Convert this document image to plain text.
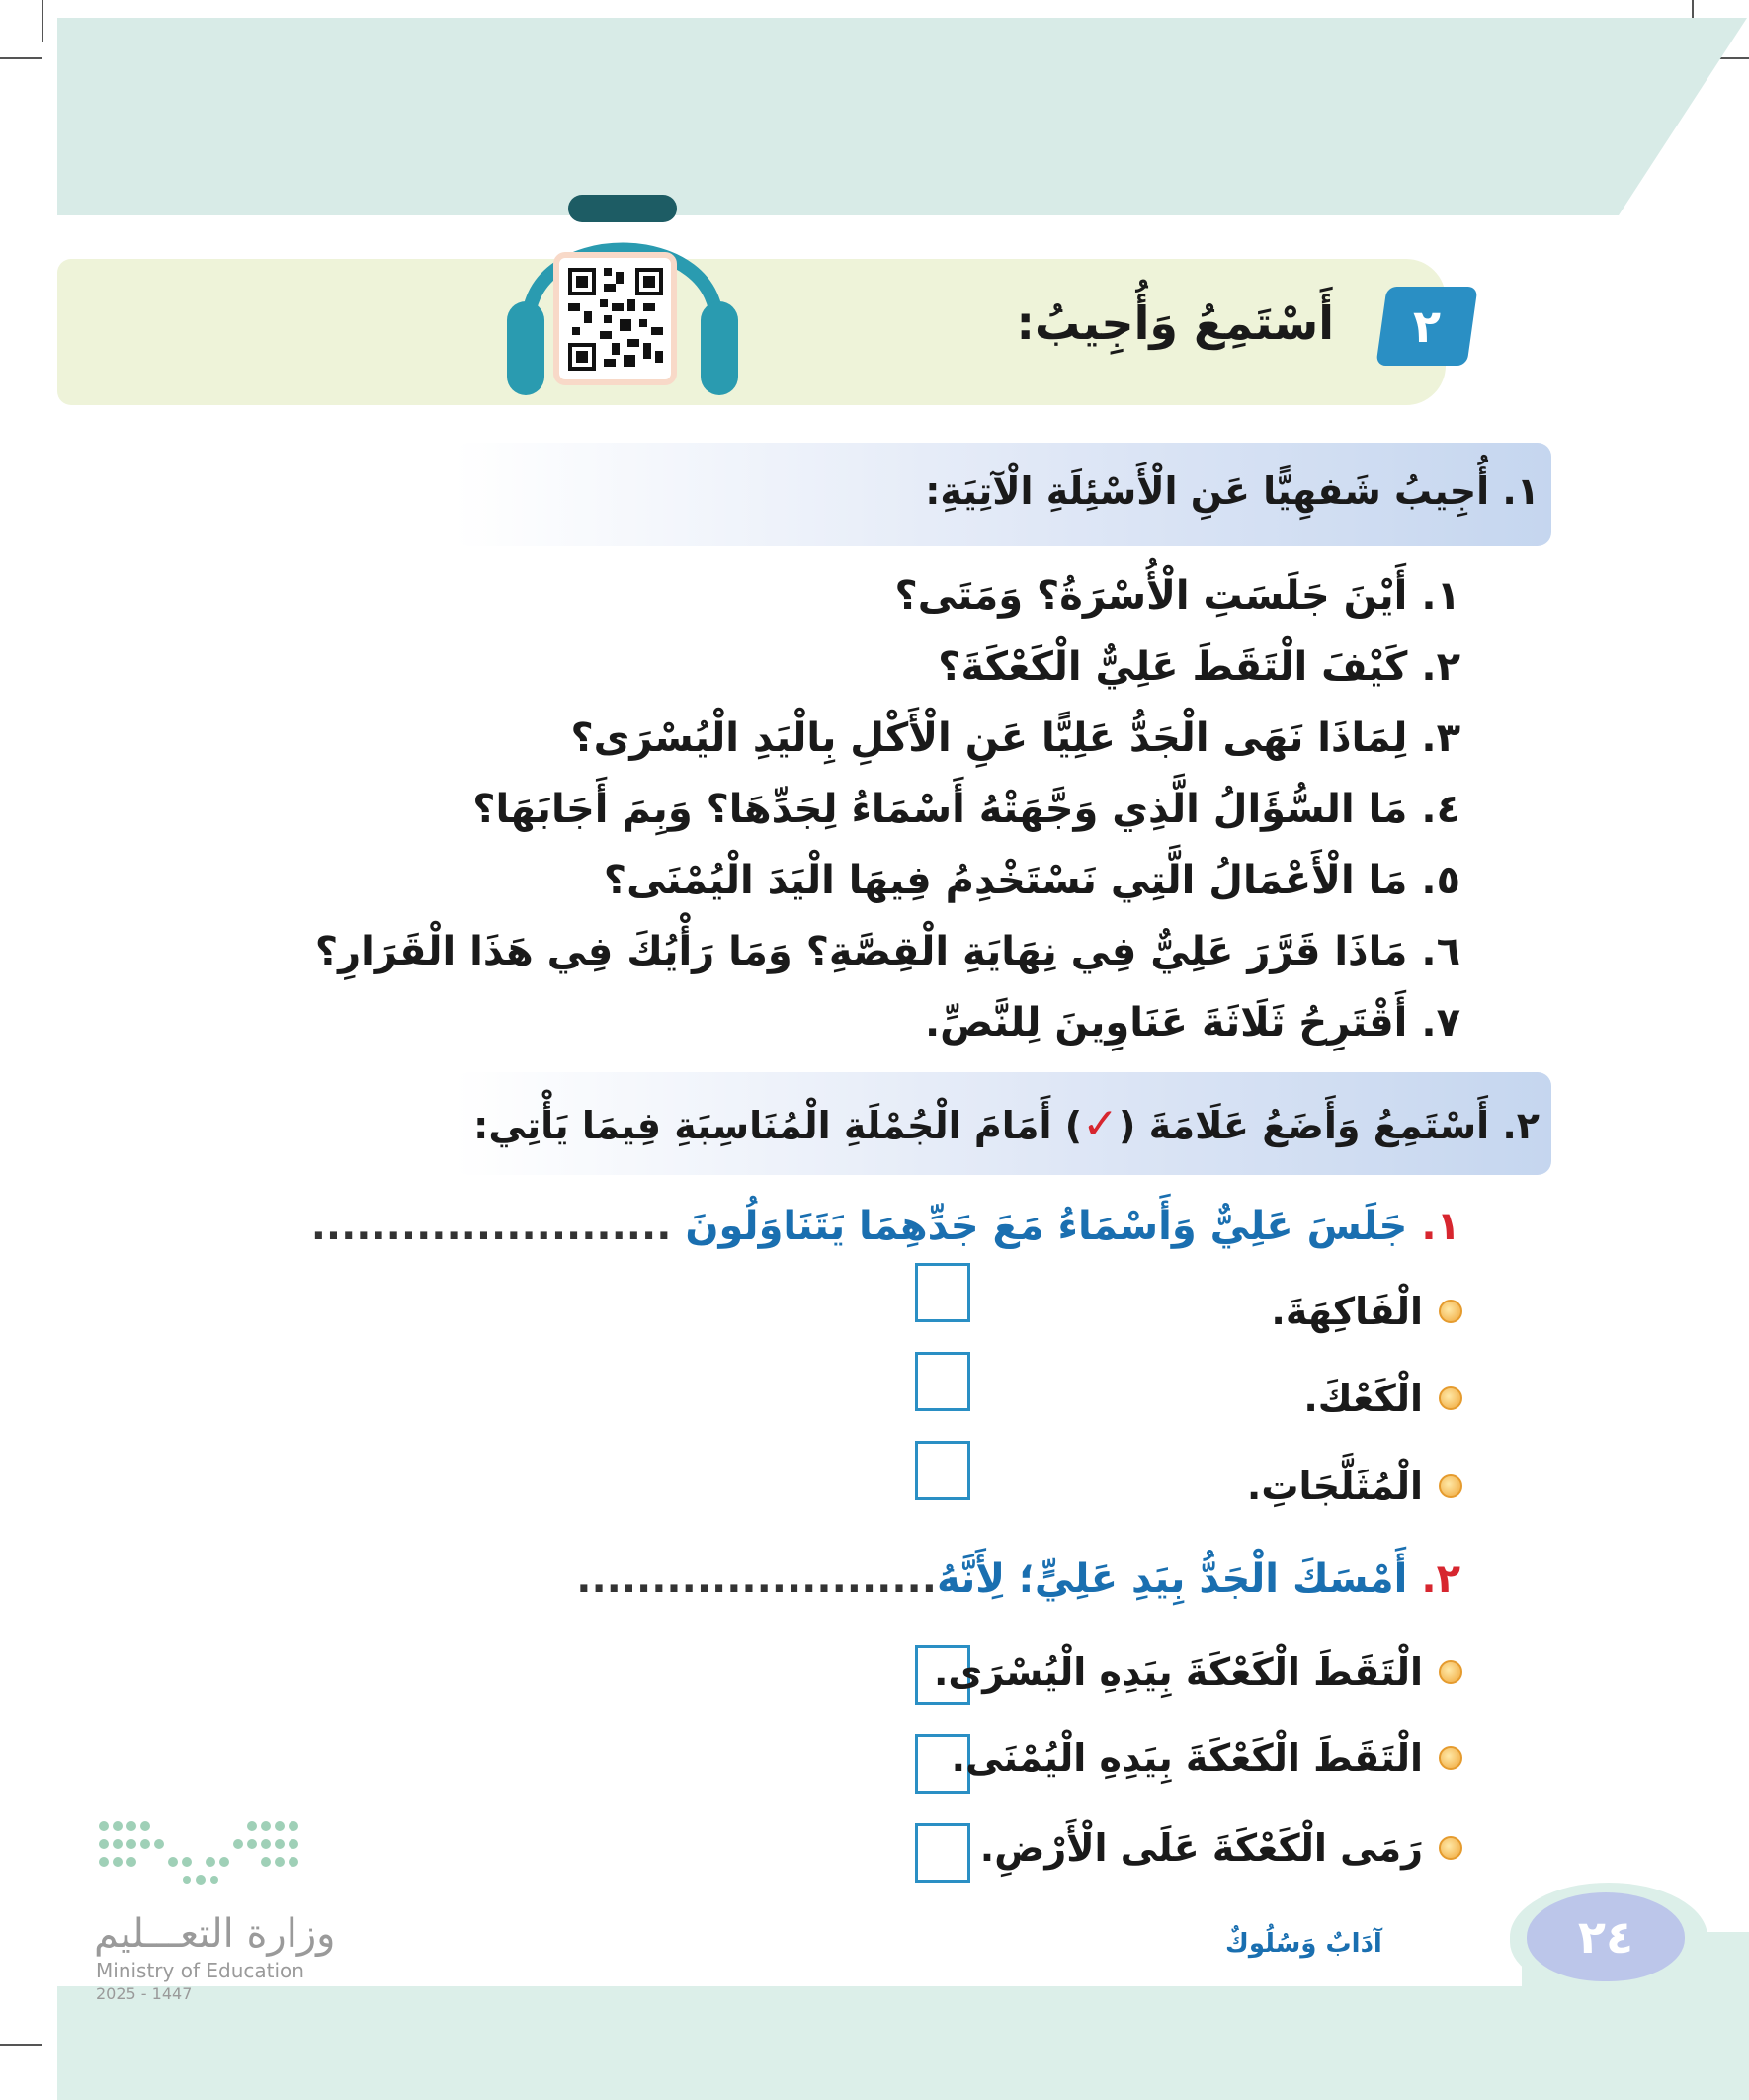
٢
أَسْتَمِعُ وَأُجِيبُ:
١. أُجِيبُ شَفهِيًّا عَنِ الْأَسْئِلَةِ الْآتِيَةِ:
١.أَيْنَ جَلَسَتِ الْأُسْرَةُ؟ وَمَتَى؟
٢.كَيْفَ الْتَقَطَ عَلِيٌّ الْكَعْكَةَ؟
٣.لِمَاذَا نَهَى الْجَدُّ عَلِيًّا عَنِ الْأَكْلِ بِالْيَدِ الْيُسْرَى؟
٤.مَا السُّؤَالُ الَّذِي وَجَّهَتْهُ أَسْمَاءُ لِجَدِّهَا؟ وَبِمَ أَجَابَهَا؟
٥.مَا الْأَعْمَالُ الَّتِي نَسْتَخْدِمُ فِيهَا الْيَدَ الْيُمْنَى؟
٦.مَاذَا قَرَّرَ عَلِيٌّ فِي نِهَايَةِ الْقِصَّةِ؟ وَمَا رَأْيُكَ فِي هَذَا الْقَرَارِ؟
٧.أَقْتَرِحُ ثَلَاثَةَ عَنَاوِينَ لِلنَّصِّ.
٢. أَسْتَمِعُ وَأَضَعُ عَلَامَةَ (✓) أَمَامَ الْجُمْلَةِ الْمُنَاسِبَةِ فِيمَا يَأْتِي:
١.جَلَسَ عَلِيٌّ وَأَسْمَاءُ مَعَ جَدِّهِمَا يَتَنَاوَلُونَ ........................
الْفَاكِهَةَ.
الْكَعْكَ.
الْمُثَلَّجَاتِ.
٢.أَمْسَكَ الْجَدُّ بِيَدِ عَلِيٍّ؛ لِأَنَّهُ........................
الْتَقَطَ الْكَعْكَةَ بِيَدِهِ الْيُسْرَى.
الْتَقَطَ الْكَعْكَةَ بِيَدِهِ الْيُمْنَى.
رَمَى الْكَعْكَةَ عَلَى الْأَرْضِ.
٢٤
آدَابٌ وَسُلُوكٌ
وزارة التعـــليم
Ministry of Education
2025 - 1447
